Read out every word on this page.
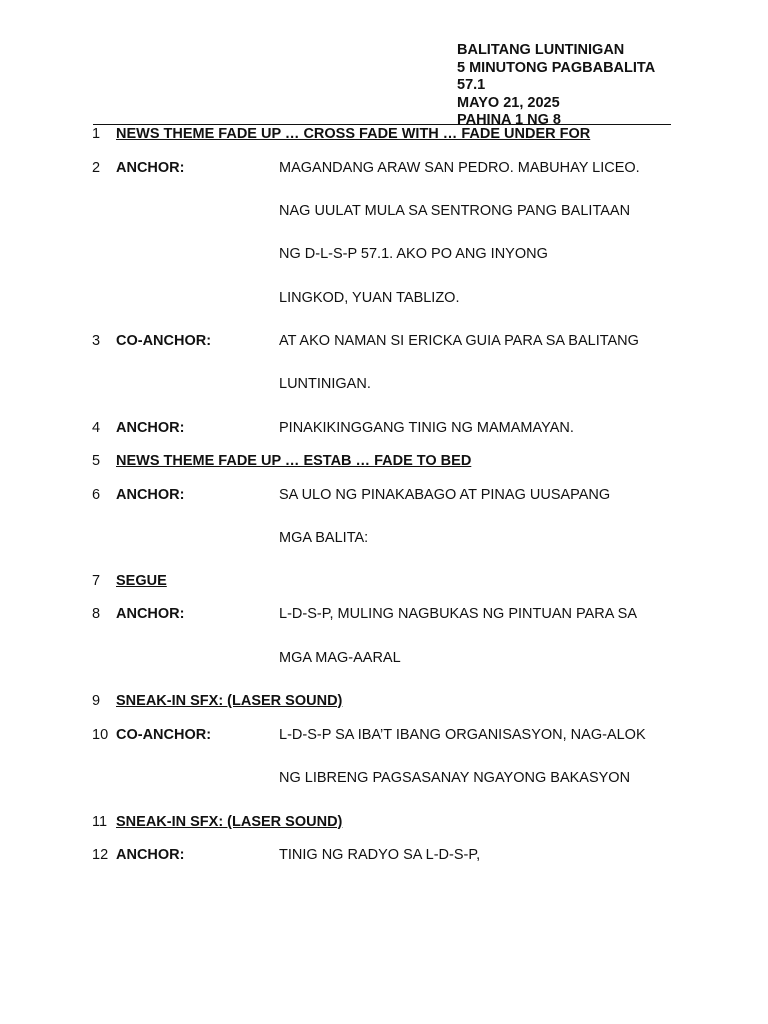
BALITANG LUNTINIGAN
5 MINUTONG PAGBABALITA
57.1
MAYO 21, 2025
PAHINA 1 NG 8
1 NEWS THEME FADE UP … CROSS FADE WITH … FADE UNDER FOR
2 ANCHOR:	MAGANDANG ARAW SAN PEDRO. MABUHAY LICEO.
NAG UULAT MULA SA SENTRONG PANG BALITAAN
NG D-L-S-P 57.1. AKO PO ANG INYONG
LINGKOD, YUAN TABLIZO.
3 CO-ANCHOR:	AT AKO NAMAN SI ERICKA GUIA PARA SA BALITANG
LUNTINIGAN.
4 ANCHOR:	PINAKIKINGGANG TINIG NG MAMAMAYAN.
5 NEWS THEME FADE UP … ESTAB … FADE TO BED
6 ANCHOR:	SA ULO NG PINAKABAGO AT PINAG UUSAPANG
MGA BALITA:
7 SEGUE
8 ANCHOR:	L-D-S-P, MULING NAGBUKAS NG PINTUAN PARA SA
MGA MAG-AARAL
9 SNEAK-IN SFX: (LASER SOUND)
10 CO-ANCHOR:	L-D-S-P SA IBA’T IBANG ORGANISASYON, NAG-ALOK
NG LIBRENG PAGSASANAY NGAYONG BAKASYON
11 SNEAK-IN SFX: (LASER SOUND)
12 ANCHOR:	TINIG NG RADYO SA L-D-S-P,
